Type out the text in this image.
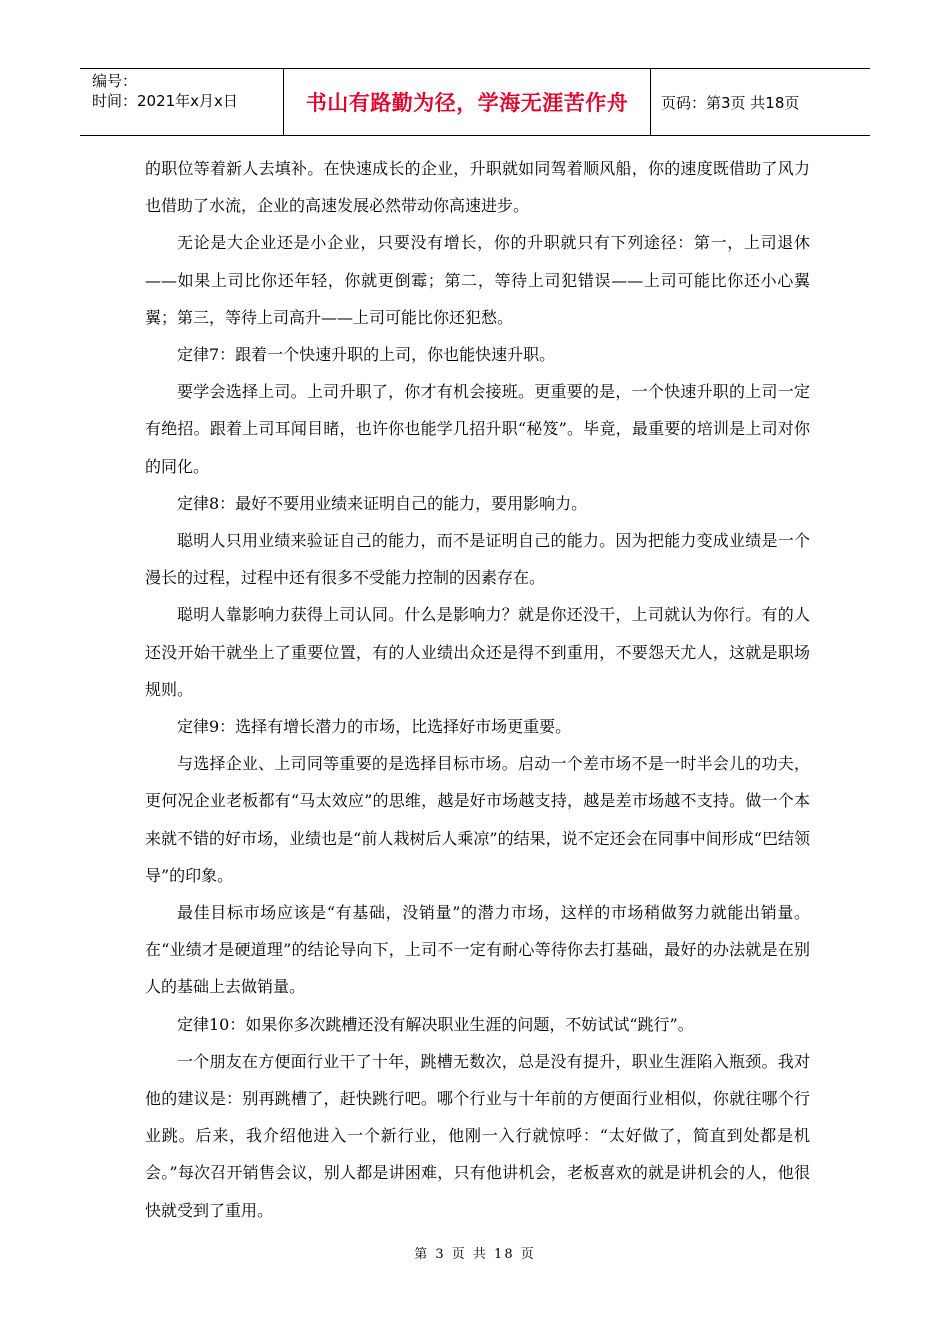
编号：
时间：2021年x月x日	书山有路勤为径，学海无涯苦作舟	页码：第3页 共18页

的职位等着新人去填补。在快速成长的企业，升职就如同驾着顺风船，你的速度既借助了风力也借助了水流，企业的高速发展必然带动你高速进步。

无论是大企业还是小企业，只要没有增长，你的升职就只有下列途径：第一，上司退休——如果上司比你还年轻，你就更倒霉；第二，等待上司犯错误——上司可能比你还小心翼翼；第三，等待上司高升——上司可能比你还犯愁。

定律7：跟着一个快速升职的上司，你也能快速升职。

要学会选择上司。上司升职了，你才有机会接班。更重要的是，一个快速升职的上司一定有绝招。跟着上司耳闻目睹，也许你也能学几招升职“秘笈”。毕竟，最重要的培训是上司对你的同化。

定律8：最好不要用业绩来证明自己的能力，要用影响力。

聪明人只用业绩来验证自己的能力，而不是证明自己的能力。因为把能力变成业绩是一个漫长的过程，过程中还有很多不受能力控制的因素存在。

聪明人靠影响力获得上司认同。什么是影响力？就是你还没干，上司就认为你行。有的人还没开始干就坐上了重要位置，有的人业绩出众还是得不到重用，不要怨天尤人，这就是职场规则。

定律9：选择有增长潜力的市场，比选择好市场更重要。

与选择企业、上司同等重要的是选择目标市场。启动一个差市场不是一时半会儿的功夫，更何况企业老板都有“马太效应”的思维，越是好市场越支持，越是差市场越不支持。做一个本来就不错的好市场，业绩也是“前人栽树后人乘凉”的结果，说不定还会在同事中间形成“巴结领导”的印象。

最佳目标市场应该是“有基础，没销量”的潜力市场，这样的市场稍做努力就能出销量。在“业绩才是硬道理”的结论导向下，上司不一定有耐心等待你去打基础，最好的办法就是在别人的基础上去做销量。

定律10：如果你多次跳槽还没有解决职业生涯的问题，不妨试试“跳行”。

一个朋友在方便面行业干了十年，跳槽无数次，总是没有提升，职业生涯陷入瓶颈。我对他的建议是：别再跳槽了，赶快跳行吧。哪个行业与十年前的方便面行业相似，你就往哪个行业跳。后来，我介绍他进入一个新行业，他刚一入行就惊呼：“太好做了，简直到处都是机会。”每次召开销售会议，别人都是讲困难，只有他讲机会，老板喜欢的就是讲机会的人，他很快就受到了重用。

第 3 页 共 18 页
